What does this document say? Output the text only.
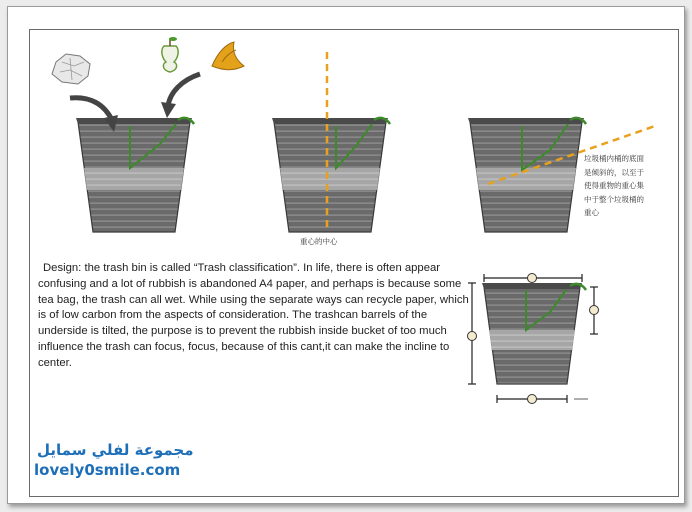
Design: the trash bin is called “Trash classification”. In life, there is often appear confusing and a lot of rubbish is abandoned A4 paper, and perhaps is because some tea bag, the trash can all wet. While using the separate ways can recycle paper, which is of low carbon from the aspects of consideration. The trashcan barrels of the underside is tilted, the purpose is to prevent the rubbish inside bucket of too much influence the trash can focus, focus, because of this cant,it can make the incline to center.
重心的中心
垃圾桶内桶的底面
是倾斜的，以至于
使得重物的重心集
中于整个垃圾桶的
重心
مجموعة لفلي سمايل
lovely0smile.com
